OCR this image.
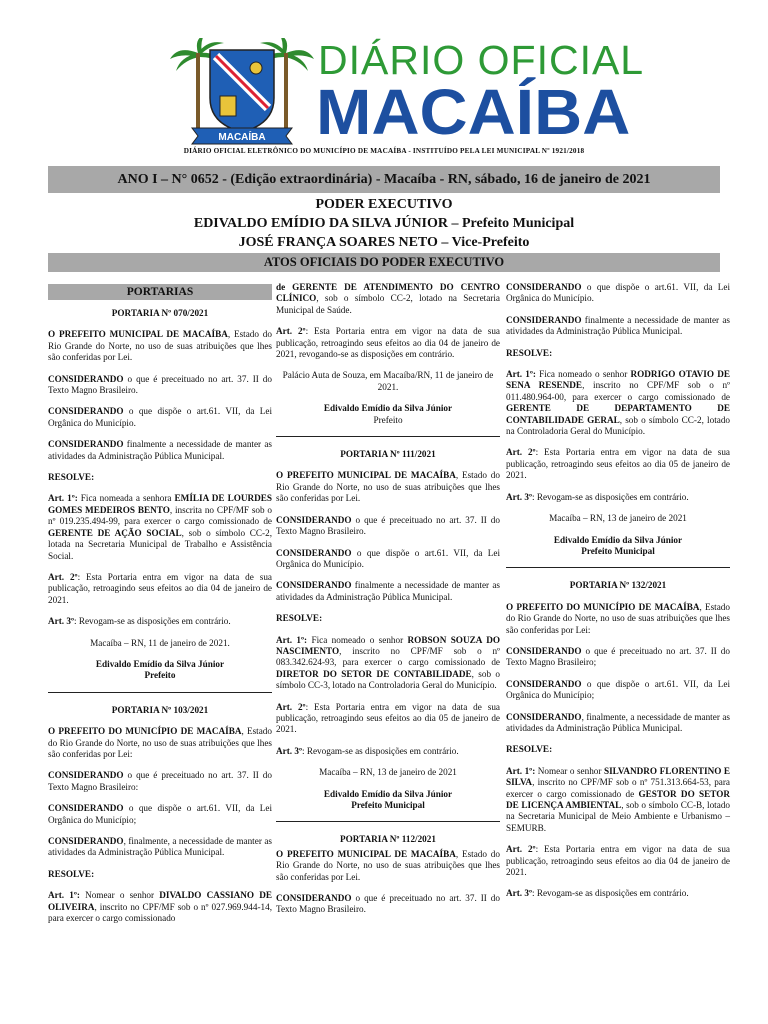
MACAÍBA
DIÁRIO OFICIAL
MACAÍBA
DIÁRIO OFICIAL ELETRÔNICO DO MUNICÍPIO DE MACAÍBA - INSTITUÍDO PELA LEI MUNICIPAL Nº 1921/2018
ANO I – N° 0652 - (Edição extraordinária) - Macaíba - RN, sábado, 16 de janeiro de 2021
PODER EXECUTIVO
EDIVALDO EMÍDIO DA SILVA JÚNIOR – Prefeito Municipal
JOSÉ FRANÇA SOARES NETO – Vice-Prefeito
ATOS OFICIAIS DO PODER EXECUTIVO
PORTARIAS

PORTARIA Nº 070/2021

O PREFEITO MUNICIPAL DE MACAÍBA, Estado do Rio Grande do Norte, no uso de suas atribuições que lhes são conferidas por Lei.

CONSIDERANDO o que é preceituado no art. 37. II do Texto Magno Brasileiro.

CONSIDERANDO o que dispõe o art.61. VII, da Lei Orgânica do Município.

CONSIDERANDO finalmente a necessidade de manter as atividades da Administração Pública Municipal.

RESOLVE:

Art. 1º: Fica nomeada a senhora EMÍLIA DE LOURDES GOMES MEDEIROS BENTO, inscrita no CPF/MF sob o nº 019.235.494-99, para exercer o cargo comissionado de GERENTE DE AÇÃO SOCIAL, sob o símbolo CC-2, lotada na Secretaria Municipal de Trabalho e Assistência Social.

Art. 2º: Esta Portaria entra em vigor na data de sua publicação, retroagindo seus efeitos ao dia 04 de janeiro de 2021.

Art. 3º: Revogam-se as disposições em contrário.

Macaíba – RN, 11 de janeiro de 2021.

Edivaldo Emídio da Silva Júnior

Prefeito

PORTARIA Nº 103/2021

O PREFEITO DO MUNICÍPIO DE MACAÍBA, Estado do Rio Grande do Norte, no uso de suas atribuições que lhes são conferidas por Lei:

CONSIDERANDO o que é preceituado no art. 37. II do Texto Magno Brasileiro:

CONSIDERANDO o que dispõe o art.61. VII, da Lei Orgânica do Município;

CONSIDERANDO, finalmente, a necessidade de manter as atividades da Administração Pública Municipal.

RESOLVE:

Art. 1º: Nomear o senhor DIVALDO CASSIANO DE OLIVEIRA, inscrito no CPF/MF sob o nº 027.969.944-14, para exercer o cargo comissionado

de GERENTE DE ATENDIMENTO DO CENTRO CLÍNICO, sob o símbolo CC-2, lotado na Secretaria Municipal de Saúde.

Art. 2º: Esta Portaria entra em vigor na data de sua publicação, retroagindo seus efeitos ao dia 04 de janeiro de 2021, revogando-se as disposições em contrário.

Palácio Auta de Souza, em Macaíba/RN, 11 de janeiro de 2021.

Edivaldo Emídio da Silva Júnior

Prefeito

PORTARIA Nº 111/2021

O PREFEITO MUNICIPAL DE MACAÍBA, Estado do Rio Grande do Norte, no uso de suas atribuições que lhes são conferidas por Lei.

CONSIDERANDO o que é preceituado no art. 37. II do Texto Magno Brasileiro.

CONSIDERANDO o que dispõe o art.61. VII, da Lei Orgânica do Município.

CONSIDERANDO finalmente a necessidade de manter as atividades da Administração Pública Municipal.

RESOLVE:

Art. 1º: Fica nomeado o senhor ROBSON SOUZA DO NASCIMENTO, inscrito no CPF/MF sob o nº 083.342.624-93, para exercer o cargo comissionado de DIRETOR DO SETOR DE CONTABILIDADE, sob o símbolo CC-3, lotado na Controladoria Geral do Município.

Art. 2º: Esta Portaria entra em vigor na data de sua publicação, retroagindo seus efeitos ao dia 05 de janeiro de 2021.

Art. 3º: Revogam-se as disposições em contrário.

Macaíba – RN, 13 de janeiro de 2021

Edivaldo Emídio da Silva Júnior

Prefeito Municipal

PORTARIA Nº 112/2021

O PREFEITO MUNICIPAL DE MACAÍBA, Estado do Rio Grande do Norte, no uso de suas atribuições que lhes são conferidas por Lei.

CONSIDERANDO o que é preceituado no art. 37. II do Texto Magno Brasileiro.

CONSIDERANDO o que dispõe o art.61. VII, da Lei Orgânica do Município.

CONSIDERANDO finalmente a necessidade de manter as atividades da Administração Pública Municipal.

RESOLVE:

Art. 1º: Fica nomeado o senhor RODRIGO OTAVIO DE SENA RESENDE, inscrito no CPF/MF sob o nº 011.480.964-00, para exercer o cargo comissionado de GERENTE DE DEPARTAMENTO DE CONTABILIDADE GERAL, sob o símbolo CC-2, lotado na Controladoria Geral do Município.

Art. 2º: Esta Portaria entra em vigor na data de sua publicação, retroagindo seus efeitos ao dia 05 de janeiro de 2021.

Art. 3º: Revogam-se as disposições em contrário.

Macaíba – RN, 13 de janeiro de 2021

Edivaldo Emídio da Silva Júnior

Prefeito Municipal

PORTARIA Nº 132/2021

O PREFEITO DO MUNICÍPIO DE MACAÍBA, Estado do Rio Grande do Norte, no uso de suas atribuições que lhes são conferidas por Lei:

CONSIDERANDO o que é preceituado no art. 37. II do Texto Magno Brasileiro;

CONSIDERANDO o que dispõe o art.61. VII, da Lei Orgânica do Município;

CONSIDERANDO, finalmente, a necessidade de manter as atividades da Administração Pública Municipal.

RESOLVE:

Art. 1º: Nomear o senhor SILVANDRO FLORENTINO E SILVA, inscrito no CPF/MF sob o nº 751.313.664-53, para exercer o cargo comissionado de GESTOR DO SETOR DE LICENÇA AMBIENTAL, sob o símbolo CC-B, lotado na Secretaria Municipal de Meio Ambiente e Urbanismo – SEMURB.

Art. 2º: Esta Portaria entra em vigor na data de sua publicação, retroagindo seus efeitos ao dia 04 de janeiro de 2021.

Art. 3º: Revogam-se as disposições em contrário.
